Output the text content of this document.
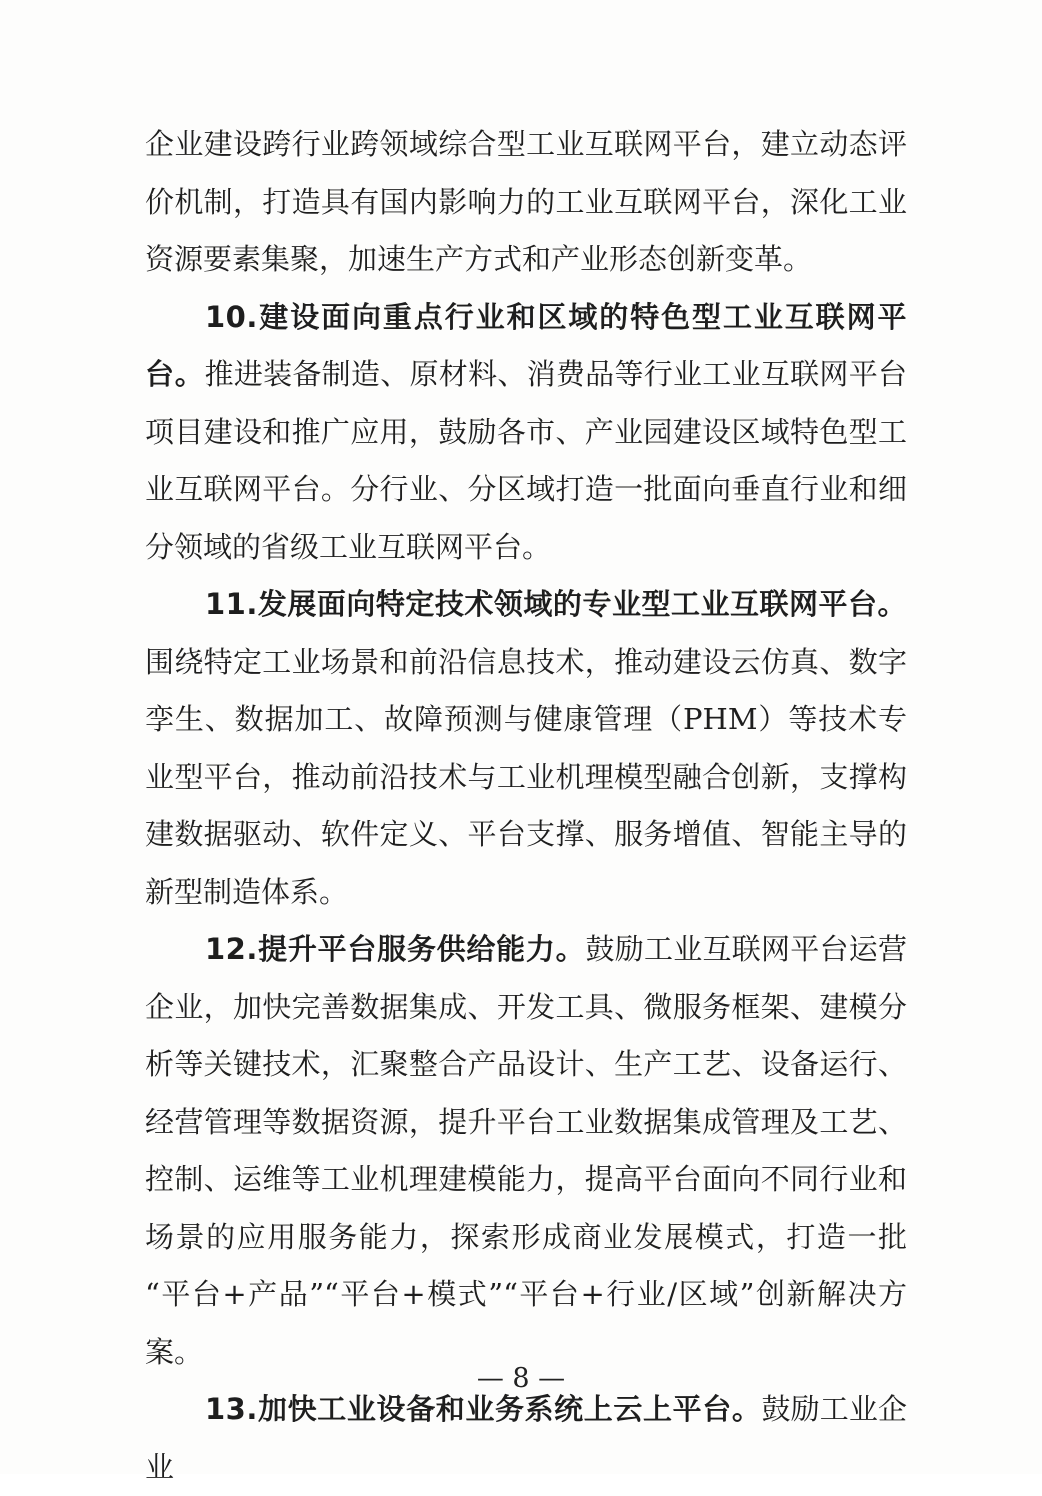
企业建设跨行业跨领域综合型工业互联网平台，建立动态评价机制，打造具有国内影响力的工业互联网平台，深化工业资源要素集聚，加速生产方式和产业形态创新变革。

10.建设面向重点行业和区域的特色型工业互联网平台。推进装备制造、原材料、消费品等行业工业互联网平台项目建设和推广应用，鼓励各市、产业园建设区域特色型工业互联网平台。分行业、分区域打造一批面向垂直行业和细分领域的省级工业互联网平台。

11.发展面向特定技术领域的专业型工业互联网平台。围绕特定工业场景和前沿信息技术，推动建设云仿真、数字孪生、数据加工、故障预测与健康管理（PHM）等技术专业型平台，推动前沿技术与工业机理模型融合创新，支撑构建数据驱动、软件定义、平台支撑、服务增值、智能主导的新型制造体系。

12.提升平台服务供给能力。鼓励工业互联网平台运营企业，加快完善数据集成、开发工具、微服务框架、建模分析等关键技术，汇聚整合产品设计、生产工艺、设备运行、经营管理等数据资源，提升平台工业数据集成管理及工艺、控制、运维等工业机理建模能力，提高平台面向不同行业和场景的应用服务能力，探索形成商业发展模式，打造一批“平台+产品”“平台+模式”“平台+行业/区域”创新解决方案。

13.加快工业设备和业务系统上云上平台。鼓励工业企业

— 8 —
